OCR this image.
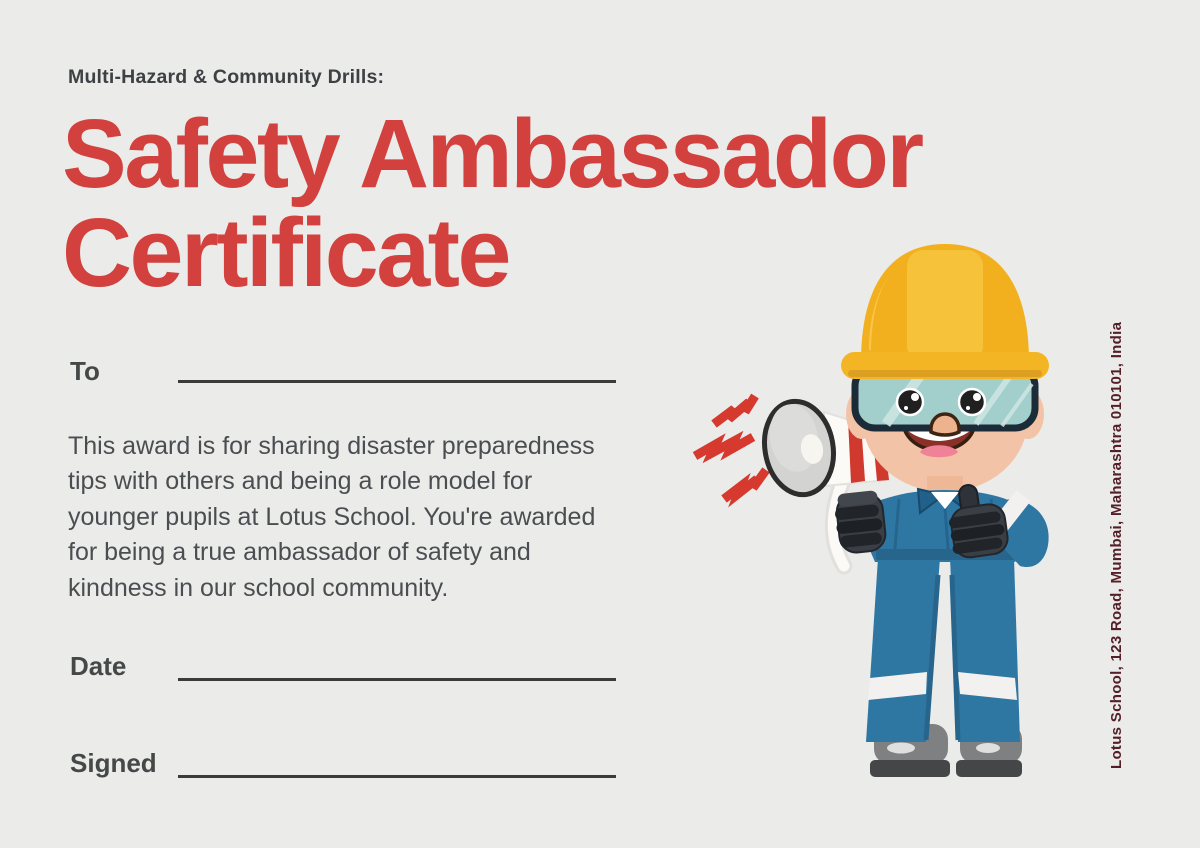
Multi-Hazard & Community Drills:
Safety Ambassador
Certificate
To
This award is for sharing disaster preparedness
tips with others and being a role model for
younger pupils at Lotus School. You're awarded
for being a true ambassador of safety and
kindness in our school community.
Date
Signed	Lotus School, 123 Road, Mumbai, Maharashtra 010101, India
